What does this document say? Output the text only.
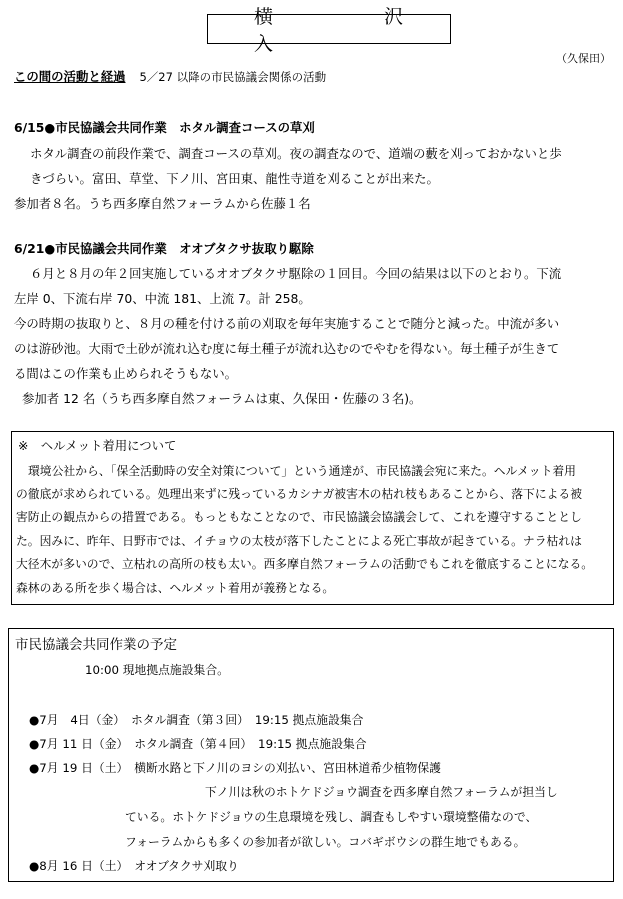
横　沢　入
（久保田）
この間の活動と経過 5／27 以降の市民協議会関係の活動
6/15●市民協議会共同作業　ホタル調査コースの草刈
ホタル調査の前段作業で、調査コースの草刈。夜の調査なので、道端の藪を刈っておかないと歩
きづらい。富田、草堂、下ノ川、宮田東、龍性寺道を刈ることが出来た。
参加者８名。うち西多摩自然フォーラムから佐藤１名
6/21●市民協議会共同作業　オオブタクサ抜取り駆除
６月と８月の年２回実施しているオオブタクサ駆除の１回目。今回の結果は以下のとおり。下流
左岸 0、下流右岸 70、中流 181、上流 7。計 258。
今の時期の抜取りと、８月の種を付ける前の刈取を毎年実施することで随分と減った。中流が多い
のは游砂池。大雨で土砂が流れ込む度に毎土種子が流れ込むのでやむを得ない。毎土種子が生きて
る間はこの作業も止められそうもない。
参加者 12 名（うち西多摩自然フォーラムは東、久保田・佐藤の３名)。
※　ヘルメット着用について
環境公社から、「保全活動時の安全対策について」という通達が、市民協議会宛に来た。ヘルメット着用
の徹底が求められている。処理出来ずに残っているカシナガ被害木の枯れ枝もあることから、落下による被
害防止の観点からの措置である。もっともなことなので、市民協議会協議会して、これを遵守することとし
た。因みに、昨年、日野市では、イチョウの太枝が落下したことによる死亡事故が起きている。ナラ枯れは
大径木が多いので、立枯れの高所の枝も太い。西多摩自然フォーラムの活動でもこれを徹底することになる。
森林のある所を歩く場合は、ヘルメット着用が義務となる。
市民協議会共同作業の予定
10:00 現地拠点施設集合。
●7月　4日（金）　ホタル調査（第３回）　19:15 拠点施設集合
●7月 11 日（金）　ホタル調査（第４回）　19:15 拠点施設集合
●7月 19 日（土）　横断水路と下ノ川のヨシの刈払い、宮田林道希少植物保護
下ノ川は秋のホトケドジョウ調査を西多摩自然フォーラムが担当し
ている。ホトケドジョウの生息環境を残し、調査もしやすい環境整備なので、
フォーラムからも多くの参加者が欲しい。コバギボウシの群生地でもある。
●8月 16 日（土）　オオブタクサ刈取り
